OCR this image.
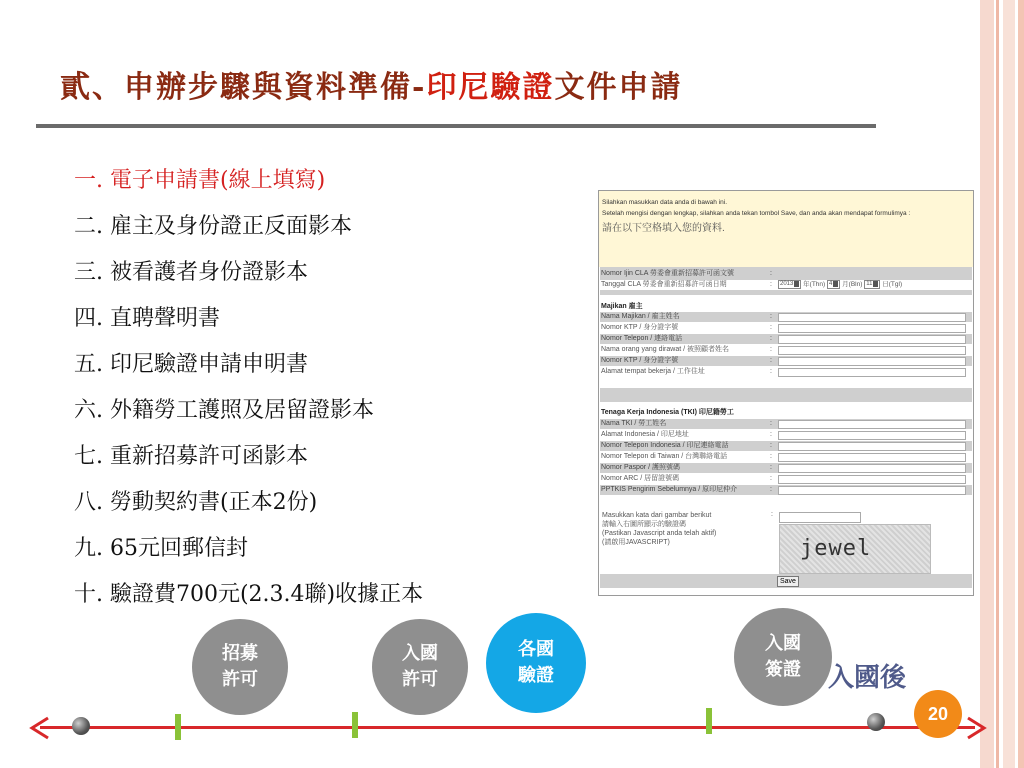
貳、申辦步驟與資料準備-印尼驗證文件申請
一. 電子申請書(線上填寫)
二. 雇主及身份證正反面影本
三. 被看護者身份證影本
四. 直聘聲明書
五. 印尼驗證申請申明書
六. 外籍勞工護照及居留證影本
七. 重新招募許可函影本
八. 勞動契約書(正本2份)
九. 65元回郵信封
十. 驗證費700元(2.3.4聯)收據正本
Silahkan masukkan data anda di bawah ini.
Setelah mengisi dengan lengkap, silahkan anda tekan tombol Save, dan anda akan mendapat formulimya :
請在以下空格填入您的資料.
Nomor Ijin CLA 勞委會重新招募許可函文號	:
Tanggal CLA 勞委會重新招募許可函日期	:	2013 年(Thn) 4 月(Bln) 11 日(Tgl)
Majikan 雇主
Nama Majikan / 雇主姓名	:
Nomor KTP / 身分證字號	:
Nomor Telepon / 連絡電話	:
Nama orang yang dirawat / 被照顧者姓名	:
Nomor KTP / 身分證字號	:
Alamat tempat bekerja / 工作住址	:
Tenaga Kerja Indonesia (TKI) 印尼籍勞工
Nama TKI / 勞工姓名	:
Alamat Indonesia / 印尼地址	:
Nomor Telepon Indonesia / 印尼連絡電話	:
Nomor Telepon di Taiwan / 台灣聯絡電話	:
Nomor Paspor / 護照號碼	:
Nomor ARC / 居留證號碼	:
PPTKIS Pengirim Sebelumnya / 原印尼仲介	:
Masukkan kata dari gambar berikut
請輸入右圖所顯示的驗證碼
(Pastikan Javascript anda telah aktif)
(請啟用JAVASCRIPT)
:
jewel
Save
招募
許可
入國
許可
各國
驗證
入國
簽證 入國後
20
